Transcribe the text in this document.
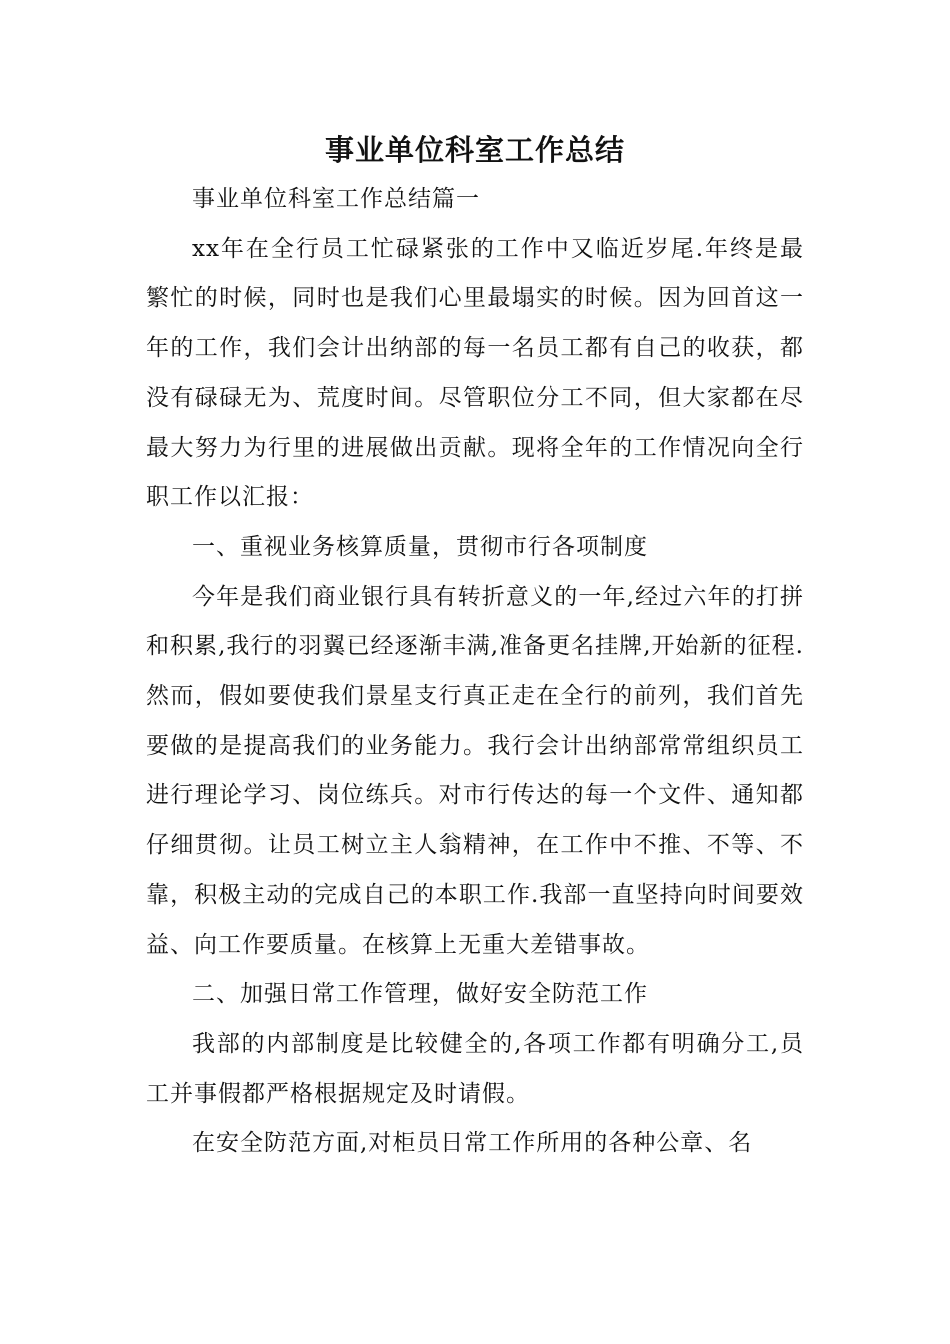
事业单位科室工作总结

事业单位科室工作总结篇一

xx年在全行员工忙碌紧张的工作中又临近岁尾.年终是最繁忙的时候，同时也是我们心里最塌实的时候。因为回首这一年的工作，我们会计出纳部的每一名员工都有自己的收获，都没有碌碌无为、荒度时间。尽管职位分工不同，但大家都在尽最大努力为行里的进展做出贡献。现将全年的工作情况向全行职工作以汇报：

一、重视业务核算质量，贯彻市行各项制度

今年是我们商业银行具有转折意义的一年,经过六年的打拼和积累,我行的羽翼已经逐渐丰满,准备更名挂牌,开始新的征程.然而，假如要使我们景星支行真正走在全行的前列，我们首先要做的是提高我们的业务能力。我行会计出纳部常常组织员工进行理论学习、岗位练兵。对市行传达的每一个文件、通知都仔细贯彻。让员工树立主人翁精神，在工作中不推、不等、不靠，积极主动的完成自己的本职工作.我部一直坚持向时间要效益、向工作要质量。在核算上无重大差错事故。

二、加强日常工作管理，做好安全防范工作

我部的内部制度是比较健全的,各项工作都有明确分工,员工并事假都严格根据规定及时请假。

在安全防范方面,对柜员日常工作所用的各种公章、名
